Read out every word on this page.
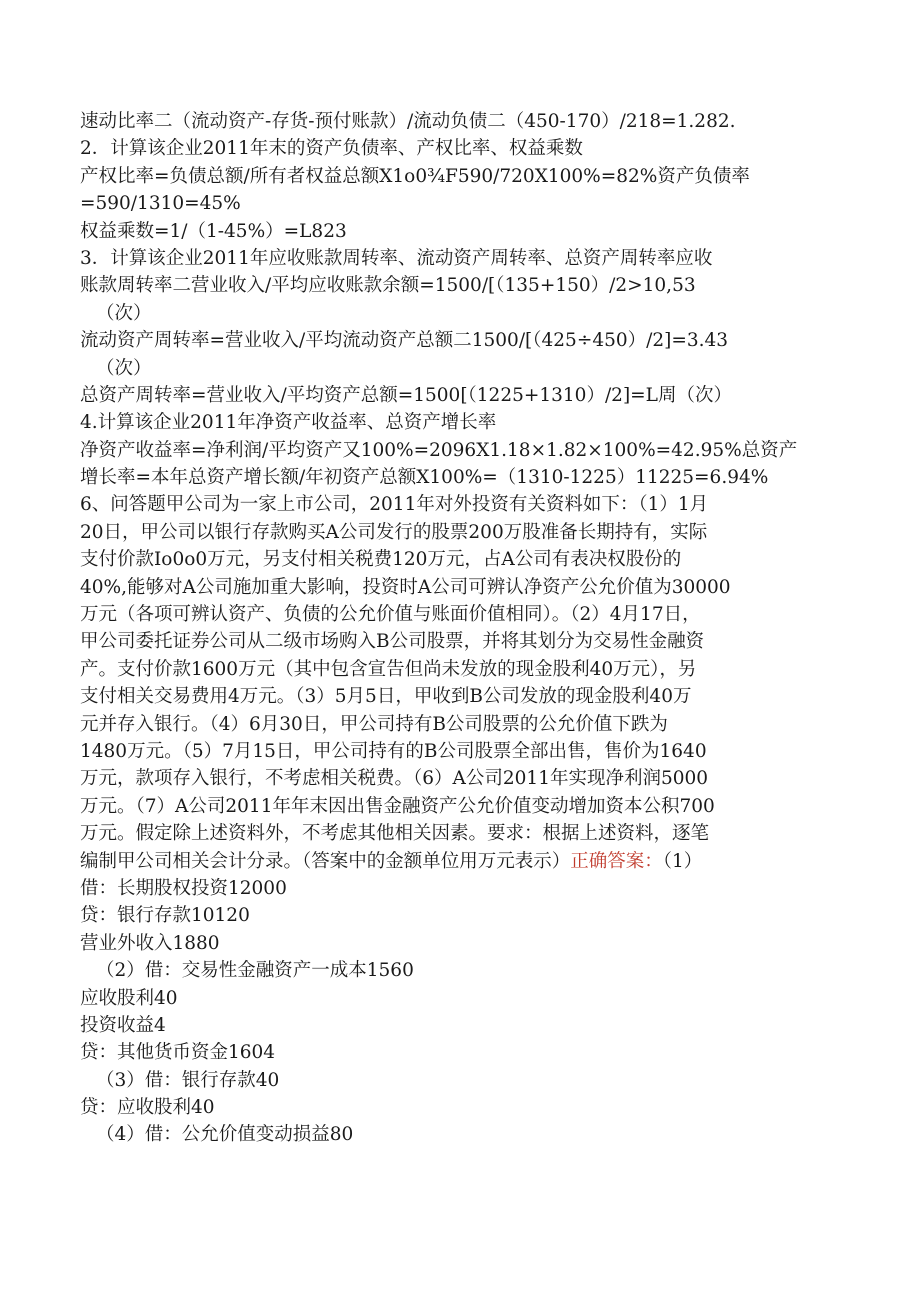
速动比率二（流动资产-存货-预付账款）/流动负债二（450-170）/218=1.282.
2．计算该企业2011年末的资产负债率、产权比率、权益乘数
产权比率=负债总额/所有者权益总额X1o0¾F590/720X100%=82%资产负债率
=590/1310=45%
权益乘数=1/（1-45%）=L823
3．计算该企业2011年应收账款周转率、流动资产周转率、总资产周转率应收
账款周转率二营业收入/平均应收账款余额=1500/[（135+150）/2>10,53
（次）
流动资产周转率=营业收入/平均流动资产总额二1500/[（425÷450）/2]=3.43
（次）
总资产周转率=营业收入/平均资产总额=1500[（1225+1310）/2]=L周（次）
4.计算该企业2011年净资产收益率、总资产增长率
净资产收益率=净利润/平均资产又100%=2096X1.18×1.82×100%=42.95%总资产
增长率=本年总资产增长额/年初资产总额X100%=（1310-1225）11225=6.94%
6、问答题甲公司为一家上市公司，2011年对外投资有关资料如下：（1）1月
20日，甲公司以银行存款购买A公司发行的股票200万股准备长期持有，实际
支付价款Io0o0万元，另支付相关税费120万元，占A公司有表决权股份的
40%,能够对A公司施加重大影响，投资时A公司可辨认净资产公允价值为30000
万元（各项可辨认资产、负债的公允价值与账面价值相同）。（2）4月17日，
甲公司委托证券公司从二级市场购入B公司股票，并将其划分为交易性金融资
产。支付价款1600万元（其中包含宣告但尚未发放的现金股利40万元），另
支付相关交易费用4万元。（3）5月5日，甲收到B公司发放的现金股利40万
元并存入银行。（4）6月30日，甲公司持有B公司股票的公允价值下跌为
1480万元。（5）7月15日，甲公司持有的B公司股票全部出售，售价为1640
万元，款项存入银行，不考虑相关税费。（6）A公司2011年实现净利润5000
万元。（7）A公司2011年年末因出售金融资产公允价值变动增加资本公积700
万元。假定除上述资料外，不考虑其他相关因素。要求：根据上述资料，逐笔
编制甲公司相关会计分录。（答案中的金额单位用万元表示）正确答案：（1）
借：长期股权投资12000
贷：银行存款10120
营业外收入1880
（2）借：交易性金融资产一成本1560
应收股利40
投资收益4
贷：其他货币资金1604
（3）借：银行存款40
贷：应收股利40
（4）借：公允价值变动损益80
